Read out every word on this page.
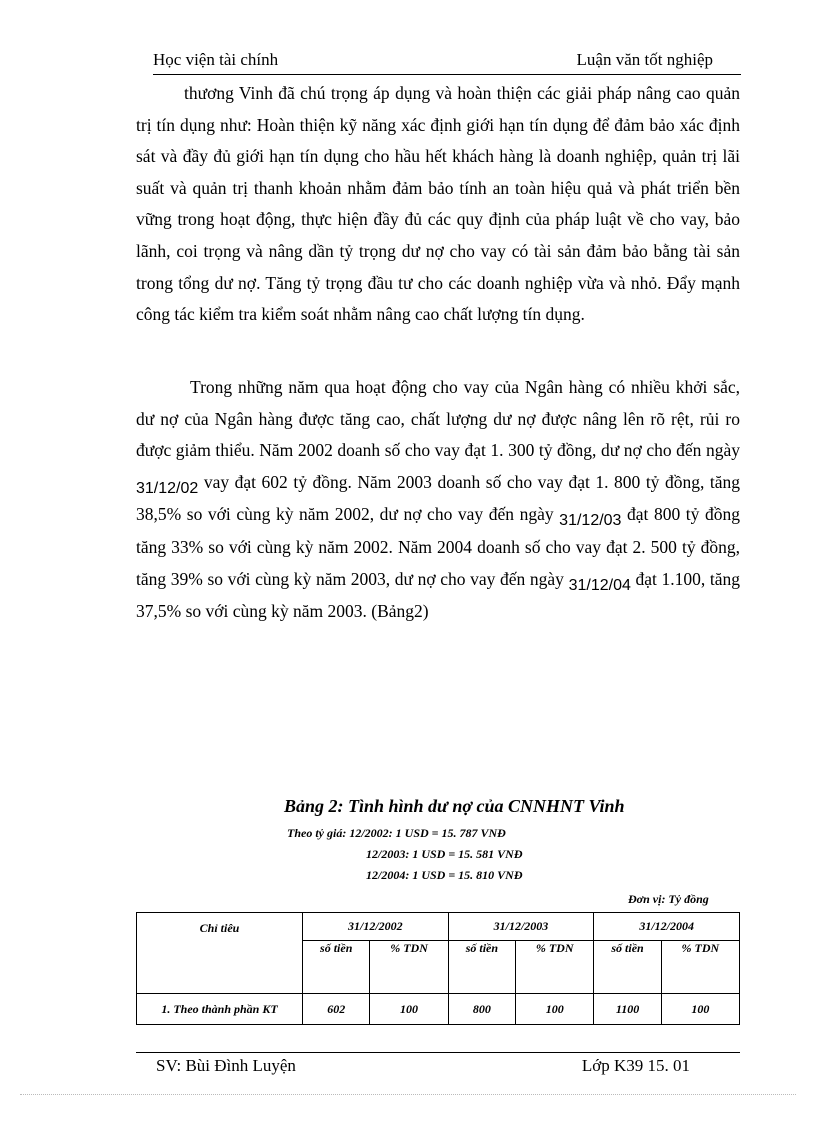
Học viện tài chính	Luận văn tốt nghiệp

thương Vinh đã chú trọng áp dụng và hoàn thiện các giải pháp nâng cao quản trị tín dụng như: Hoàn thiện kỹ năng xác định giới hạn tín dụng để đảm bảo xác định sát và đầy đủ giới hạn tín dụng cho hầu hết khách hàng là doanh nghiệp, quản trị lãi suất và quản trị thanh khoản nhằm đảm bảo tính an toàn hiệu quả và phát triển bền vững trong hoạt động, thực hiện đầy đủ các quy định của pháp luật về cho vay, bảo lãnh, coi trọng và nâng dần tỷ trọng dư nợ cho vay có tài sản đảm bảo bằng tài sản trong tổng dư nợ. Tăng tỷ trọng đầu tư cho các doanh nghiệp vừa và nhỏ. Đẩy mạnh công tác kiểm tra kiểm soát nhằm nâng cao chất lượng tín dụng.

Trong những năm qua hoạt động cho vay của Ngân hàng có nhiều khởi sắc, dư nợ của Ngân hàng được tăng cao, chất lượng dư nợ được nâng lên rõ rệt, rủi ro được giảm thiểu. Năm 2002 doanh số cho vay đạt 1. 300 tỷ đồng, dư nợ cho đến ngày 31/12/02 vay đạt 602 tỷ đồng. Năm 2003 doanh số cho vay đạt 1. 800 tỷ đồng, tăng 38,5% so với cùng kỳ năm 2002, dư nợ cho vay đến ngày 31/12/03 đạt 800 tỷ đồng tăng 33% so với cùng kỳ năm 2002. Năm 2004 doanh số cho vay đạt 2. 500 tỷ đồng, tăng 39% so với cùng kỳ năm 2003, dư nợ cho vay đến ngày 31/12/04 đạt 1.100, tăng 37,5% so với cùng kỳ năm 2003. (Bảng2)

Bảng 2: Tình hình dư nợ của CNNHNT Vinh
Theo tỷ giá: 12/2002: 1 USD = 15. 787 VNĐ
12/2003: 1 USD = 15. 581 VNĐ
12/2004: 1 USD = 15. 810 VNĐ
Đơn vị: Tỷ đồng
Chỉ tiêu	31/12/2002		31/12/2003		31/12/2004	
	số tiền	% TDN	số tiền	% TDN	số tiền	% TDN
1. Theo thành phần KT	602	100	800	100	1100	100
SV: Bùi Đình Luyện	Lớp K39 15. 01
